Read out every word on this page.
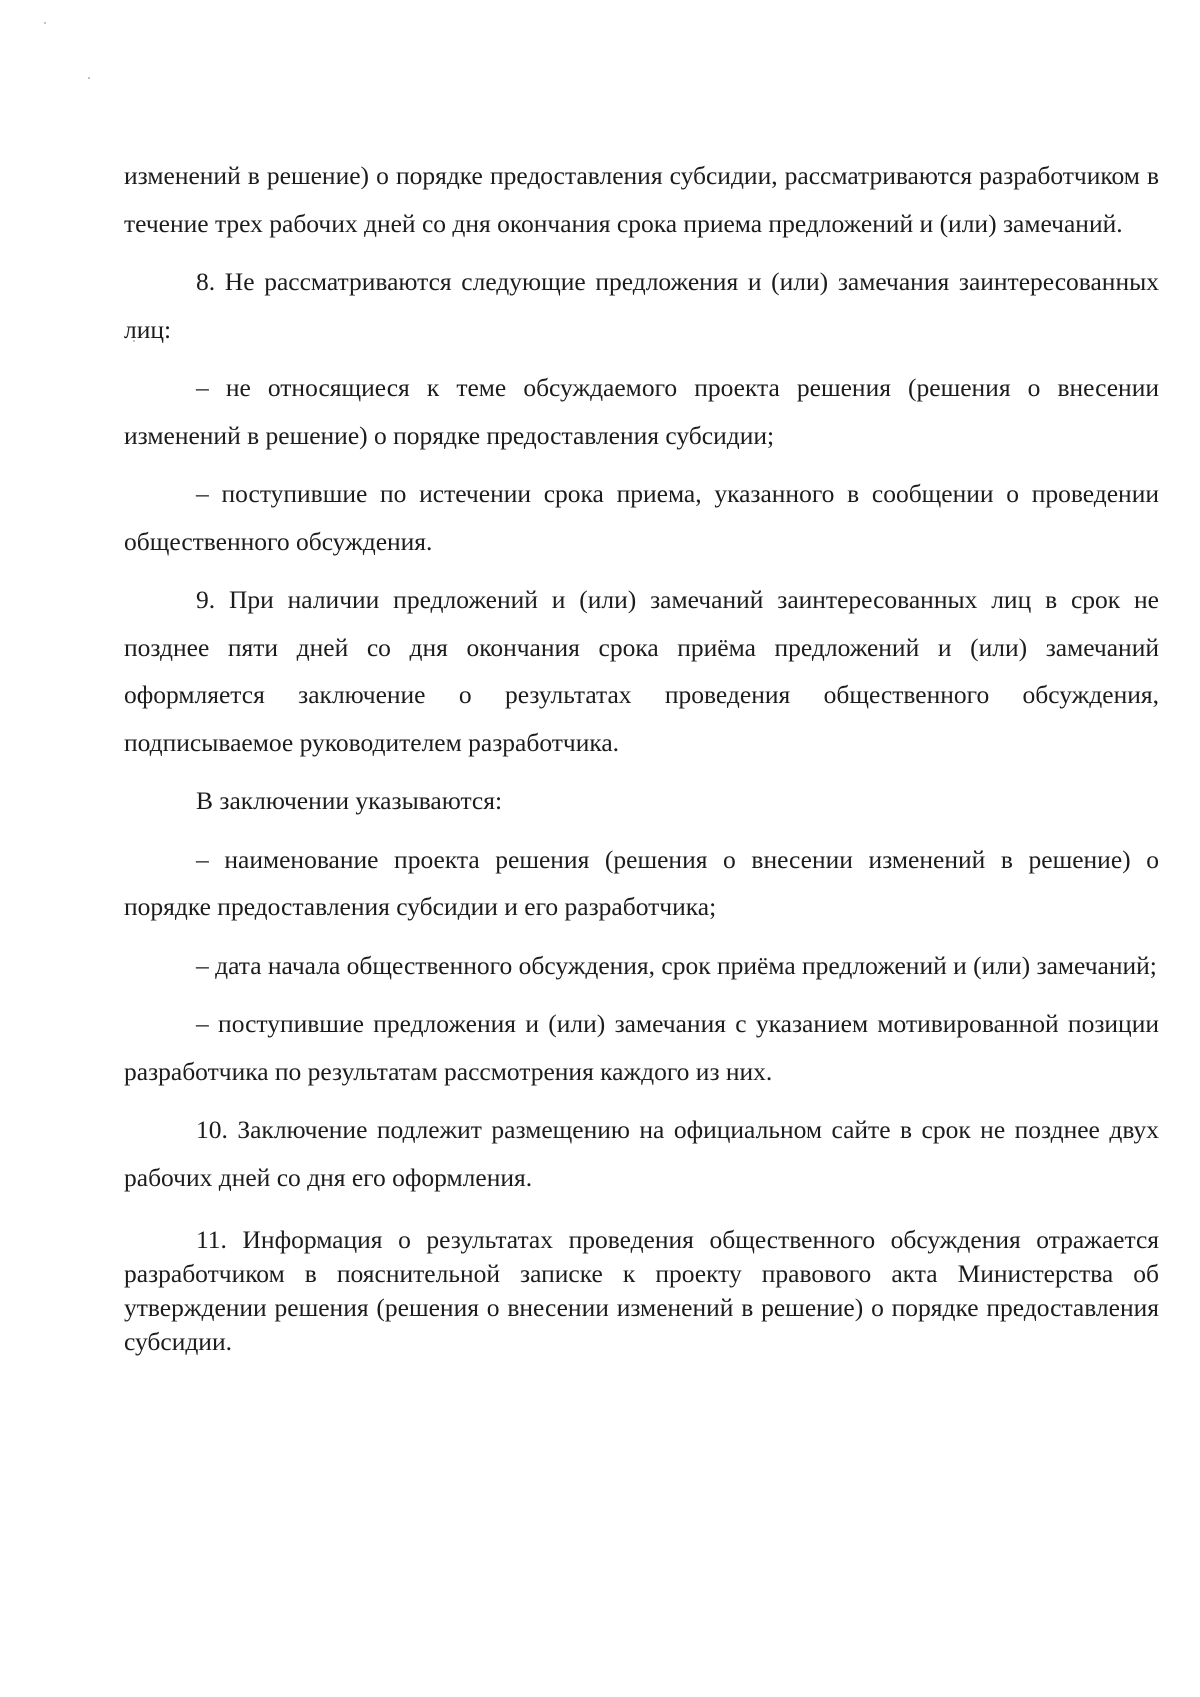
изменений в решение) о порядке предоставления субсидии, рассматриваются разработчиком в течение трех рабочих дней со дня окончания срока приема предложений и (или) замечаний.

8. Не рассматриваются следующие предложения и (или) замечания заинтересованных лиц:

– не относящиеся к теме обсуждаемого проекта решения (решения о внесении изменений в решение) о порядке предоставления субсидии;

– поступившие по истечении срока приема, указанного в сообщении о проведении общественного обсуждения.

9. При наличии предложений и (или) замечаний заинтересованных лиц в срок не позднее пяти дней со дня окончания срока приёма предложений и (или) замечаний оформляется заключение о результатах проведения общественного обсуждения, подписываемое руководителем разработчика.

В заключении указываются:

– наименование проекта решения (решения о внесении изменений в решение) о порядке предоставления субсидии и его разработчика;

– дата начала общественного обсуждения, срок приёма предложений и (или) замечаний;

– поступившие предложения и (или) замечания с указанием мотивированной позиции разработчика по результатам рассмотрения каждого из них.

10. Заключение подлежит размещению на официальном сайте в срок не позднее двух рабочих дней со дня его оформления.

11. Информация о результатах проведения общественного обсуждения отражается разработчиком в пояснительной записке к проекту правового акта Министерства об утверждении решения (решения о внесении изменений в решение) о порядке предоставления субсидии.
